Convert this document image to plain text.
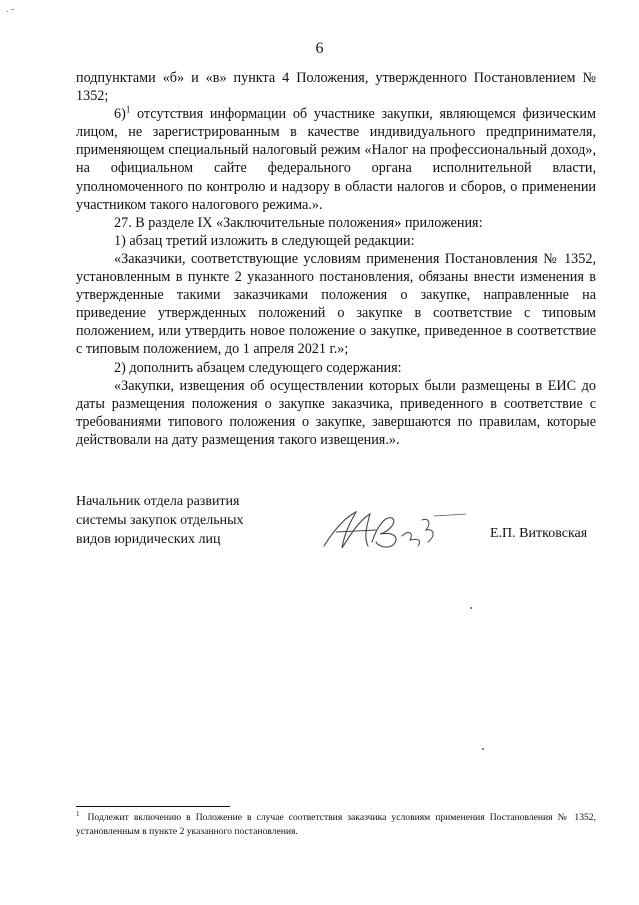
. -
6

подпунктами «б» и «в» пункта 4 Положения, утвержденного Постановлением № 1352;

6)$^1$ отсутствия информации об участнике закупки, являющемся физическим лицом, не зарегистрированным в качестве индивидуального предпринимателя, применяющем специальный налоговый режим «Налог на профессиональный доход», на официальном сайте федерального органа исполнительной власти, уполномоченного по контролю и надзору в области налогов и сборов, о применении участником такого налогового режима.».

27. В разделе IX «Заключительные положения» приложения:

1) абзац третий изложить в следующей редакции:

«Заказчики, соответствующие условиям применения Постановления № 1352, установленным в пункте 2 указанного постановления, обязаны внести изменения в утвержденные такими заказчиками положения о закупке, направленные на приведение утвержденных положений о закупке в соответствие с типовым положением, или утвердить новое положение о закупке, приведенное в соответствие с типовым положением, до 1 апреля 2021 г.»;

2) дополнить абзацем следующего содержания:

«Закупки, извещения об осуществлении которых были размещены в ЕИС до даты размещения положения о закупке заказчика, приведенного в соответствие с требованиями типового положения о закупке, завершаются по правилам, которые действовали на дату размещения такого извещения.».

Начальник отдела развития
системы закупок отдельных
видов юридических лиц	Е.П. Витковская
$^1$ Подлежит включению в Положение в случае соответствия заказчика условиям применения Постановления № 1352, установленным в пункте 2 указанного постановления.
